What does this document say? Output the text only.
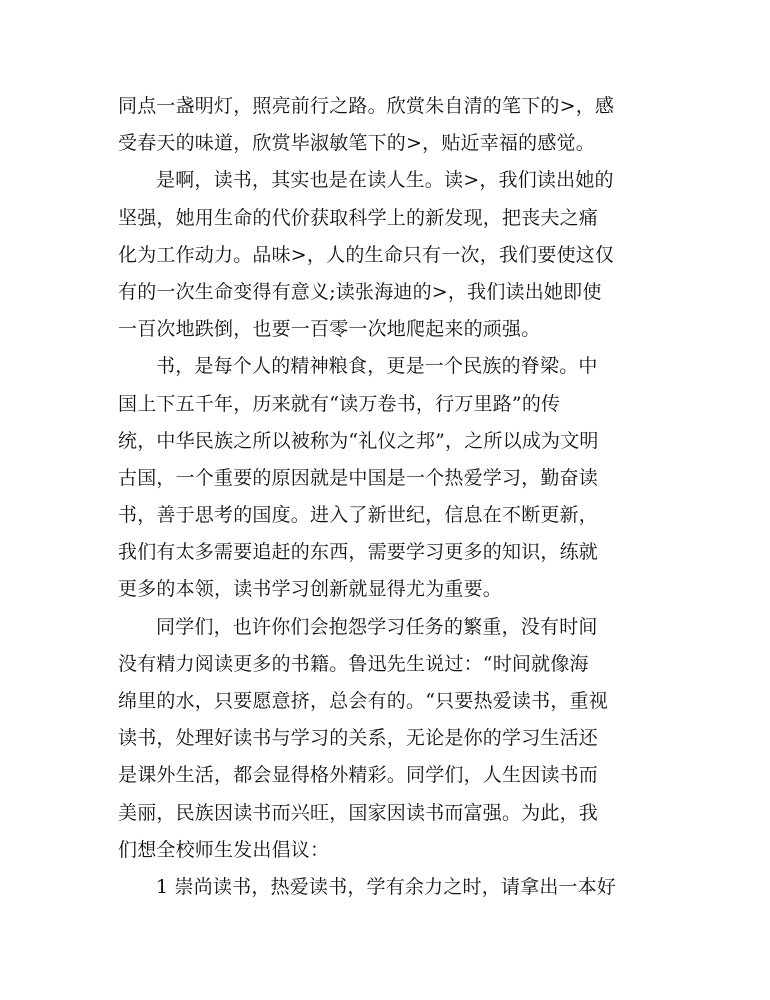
同点一盏明灯，照亮前行之路。欣赏朱自清的笔下的>，感
受春天的味道，欣赏毕淑敏笔下的>，贴近幸福的感觉。
是啊，读书，其实也是在读人生。读>，我们读出她的
坚强，她用生命的代价获取科学上的新发现，把丧夫之痛
化为工作动力。品味>，人的生命只有一次，我们要使这仅
有的一次生命变得有意义;读张海迪的>，我们读出她即使
一百次地跌倒，也要一百零一次地爬起来的顽强。
书，是每个人的精神粮食，更是一个民族的脊梁。中
国上下五千年，历来就有“读万卷书，行万里路”的传
统，中华民族之所以被称为“礼仪之邦”，之所以成为文明
古国，一个重要的原因就是中国是一个热爱学习，勤奋读
书，善于思考的国度。进入了新世纪，信息在不断更新，
我们有太多需要追赶的东西，需要学习更多的知识，练就
更多的本领，读书学习创新就显得尤为重要。
同学们，也许你们会抱怨学习任务的繁重，没有时间
没有精力阅读更多的书籍。鲁迅先生说过：“时间就像海
绵里的水，只要愿意挤，总会有的。“只要热爱读书，重视
读书，处理好读书与学习的关系，无论是你的学习生活还
是课外生活，都会显得格外精彩。同学们，人生因读书而
美丽，民族因读书而兴旺，国家因读书而富强。为此，我
们想全校师生发出倡议：
1 崇尚读书，热爱读书，学有余力之时，请拿出一本好
